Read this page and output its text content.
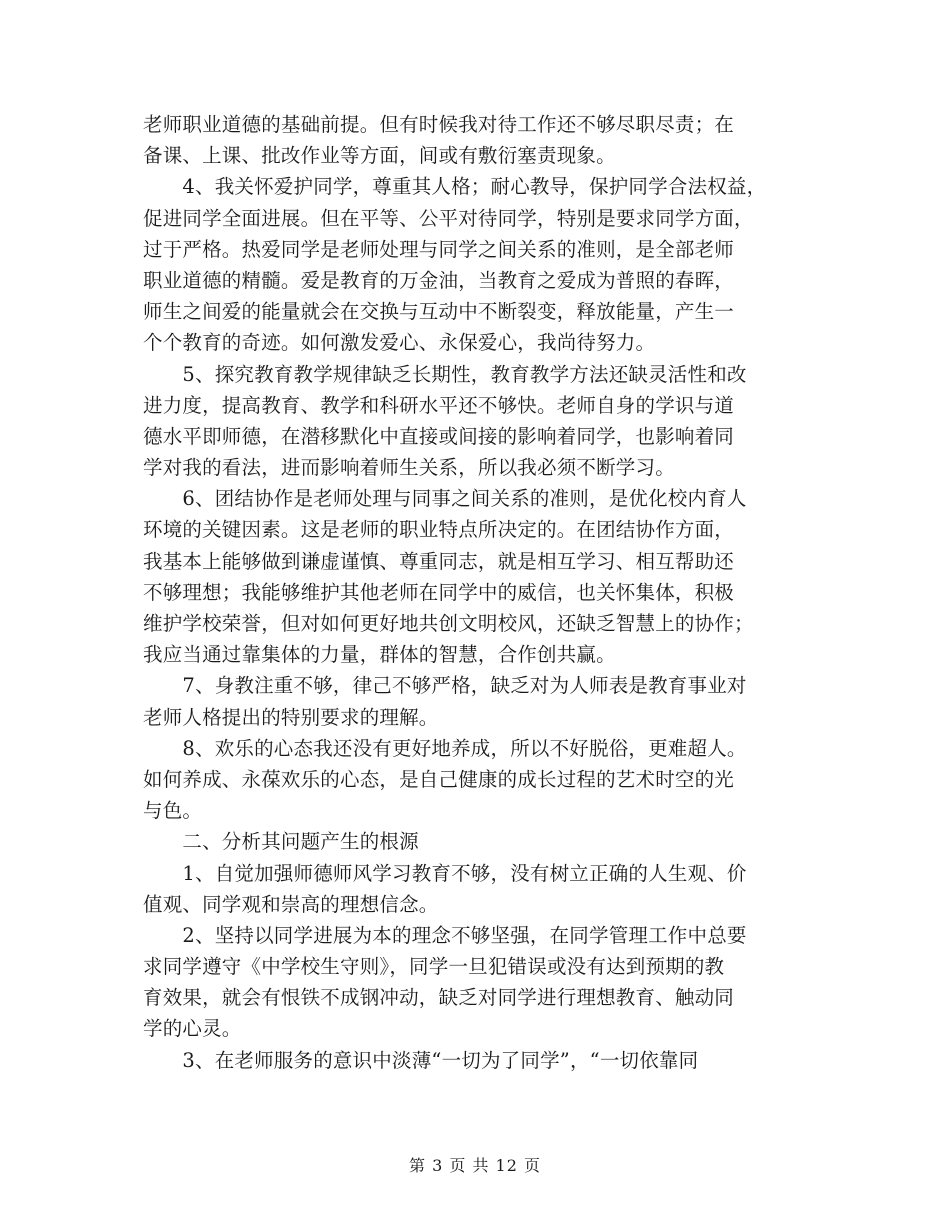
老师职业道德的基础前提。但有时候我对待工作还不够尽职尽责；在
备课、上课、批改作业等方面，间或有敷衍塞责现象。
　　4、我关怀爱护同学，尊重其人格；耐心教导，保护同学合法权益，
促进同学全面进展。但在平等、公平对待同学，特别是要求同学方面，
过于严格。热爱同学是老师处理与同学之间关系的准则，是全部老师
职业道德的精髓。爱是教育的万金油，当教育之爱成为普照的春晖，
师生之间爱的能量就会在交换与互动中不断裂变，释放能量，产生一
个个教育的奇迹。如何激发爱心、永保爱心，我尚待努力。
　　5、探究教育教学规律缺乏长期性，教育教学方法还缺灵活性和改
进力度，提高教育、教学和科研水平还不够快。老师自身的学识与道
德水平即师德，在潜移默化中直接或间接的影响着同学，也影响着同
学对我的看法，进而影响着师生关系，所以我必须不断学习。
　　6、团结协作是老师处理与同事之间关系的准则，是优化校内育人
环境的关键因素。这是老师的职业特点所决定的。在团结协作方面，
我基本上能够做到谦虚谨慎、尊重同志，就是相互学习、相互帮助还
不够理想；我能够维护其他老师在同学中的威信，也关怀集体，积极
维护学校荣誉，但对如何更好地共创文明校风，还缺乏智慧上的协作；
我应当通过靠集体的力量，群体的智慧，合作创共赢。
　　7、身教注重不够，律己不够严格，缺乏对为人师表是教育事业对
老师人格提出的特别要求的理解。
　　8、欢乐的心态我还没有更好地养成，所以不好脱俗，更难超人。
如何养成、永葆欢乐的心态，是自己健康的成长过程的艺术时空的光
与色。
　　二、分析其问题产生的根源
　　1、自觉加强师德师风学习教育不够，没有树立正确的人生观、价
值观、同学观和崇高的理想信念。
　　2、坚持以同学进展为本的理念不够坚强，在同学管理工作中总要
求同学遵守《中学校生守则》，同学一旦犯错误或没有达到预期的教
育效果，就会有恨铁不成钢冲动，缺乏对同学进行理想教育、触动同
学的心灵。
　　3、在老师服务的意识中淡薄“一切为了同学”，“一切依靠同
第 3 页 共 12 页
